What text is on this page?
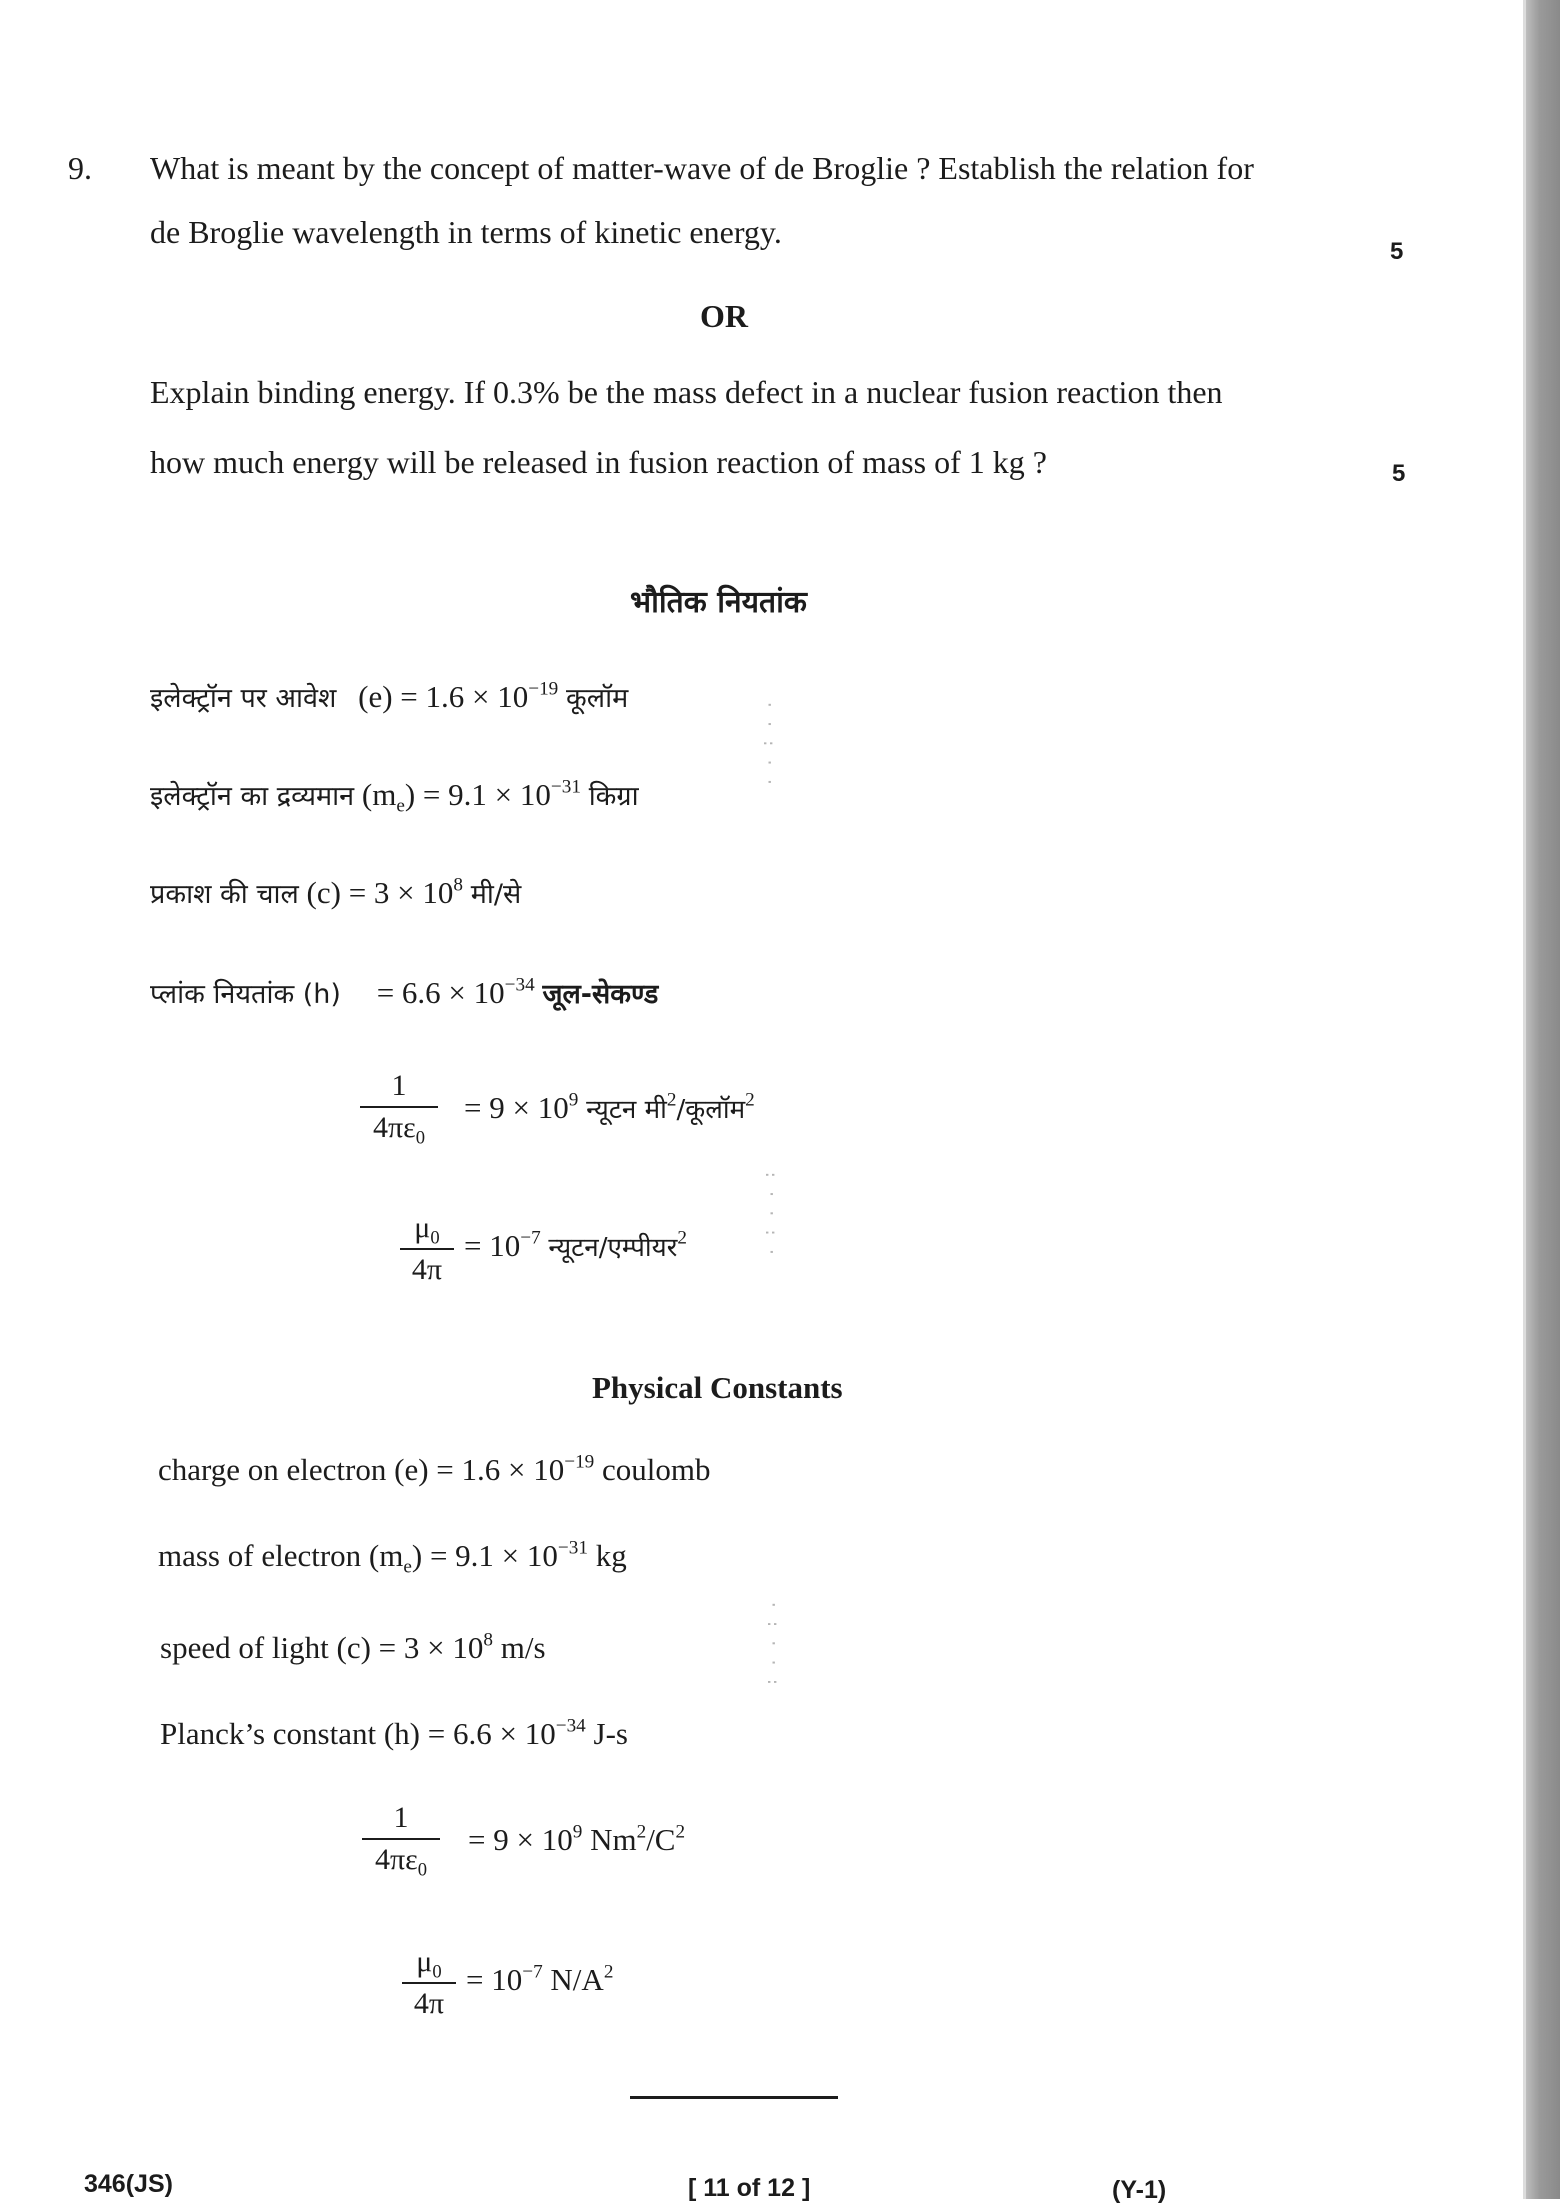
9. What is meant by the concept of matter-wave of de Broglie ? Establish the relation for
de Broglie wavelength in terms of kinetic energy.
5
OR
Explain binding energy. If 0.3% be the mass defect in a nuclear fusion reaction then
how much energy will be released in fusion reaction of mass of 1 kg ?	5
भौतिक नियतांक
इलेक्ट्रॉन पर आवेश $(e) = 1.6 \times 10^{-19}$ कूलॉम
इलेक्ट्रॉन का द्रव्यमान $(m_e) = 9.1 \times 10^{-31}$ किग्रा
प्रकाश की चाल $(c) = 3 \times 10^8$ मी/से
प्लांक नियतांक $(h) = 6.6 \times 10^{-34}$ जूल-सेकण्ड
1
$4\pi\varepsilon_0$
= $9 \times 10^9$ न्यूटन मी$^2$/कूलॉम$^2$
$\mu_0$
4π
= $10^{-7}$ न्यूटन/एम्पीयर$^2$
Physical Constants
charge on electron $(e) = 1.6 \times 10^{-19}$ coulomb
mass of electron $(m_e) = 9.1 \times 10^{-31}$ kg
speed of light $(c) = 3 \times 10^8$ m/s
Planck’s constant $(h) = 6.6 \times 10^{-34}$ J-s
1
$4\pi\varepsilon_0$
= $9 \times 10^9$ $Nm^2/C^2$
$\mu_0$
4π
= $10^{-7}$ $N/A^2$
· · : · ·
: · · : ·
· : · · :
346(JS)	[ 11 of 12 ]	(Y-1)
